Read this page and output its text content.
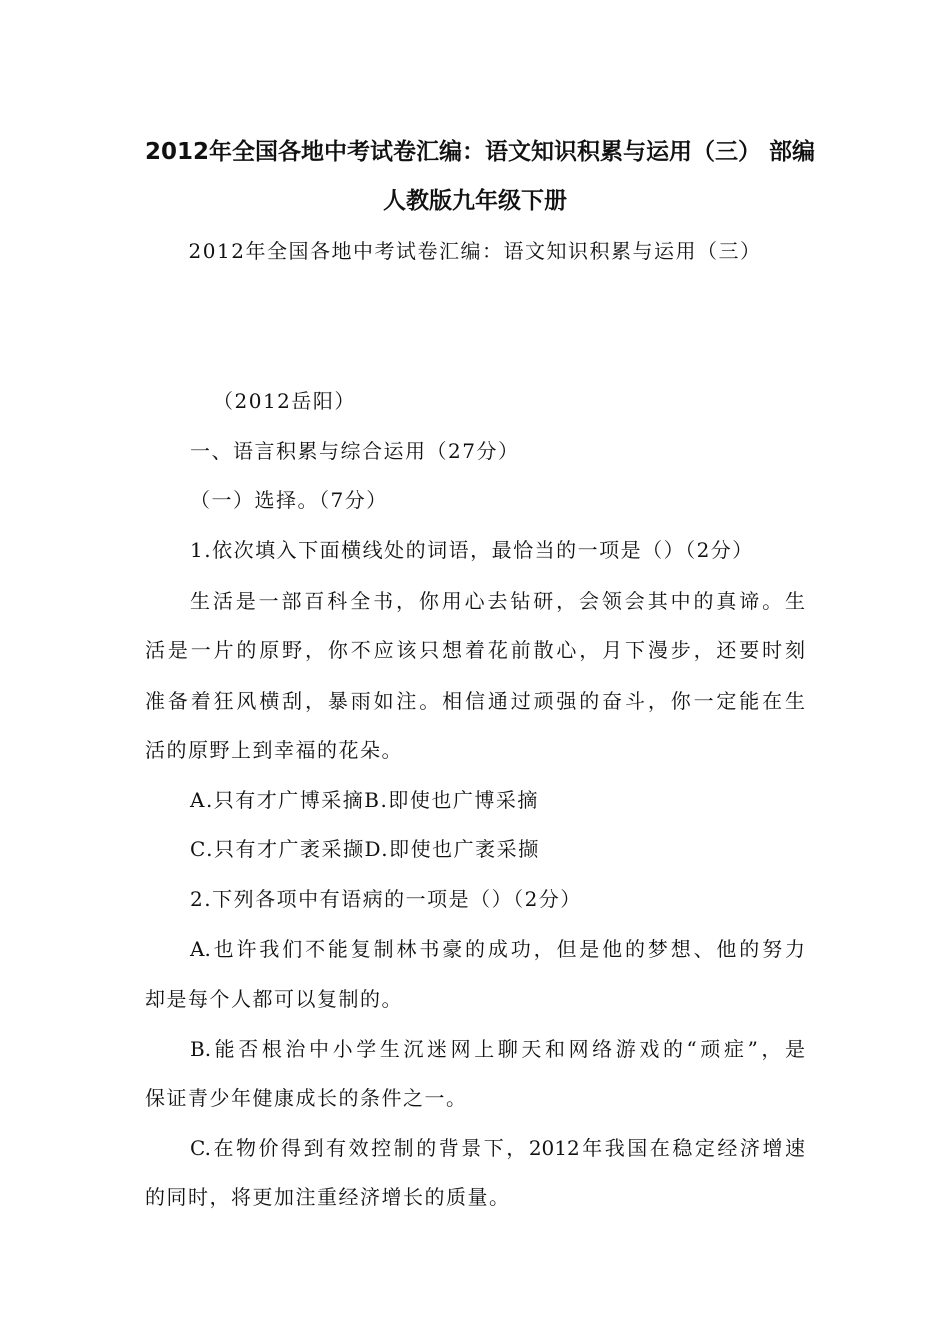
2012年全国各地中考试卷汇编：语文知识积累与运用（三） 部编
人教版九年级下册
2012年全国各地中考试卷汇编：语文知识积累与运用（三）
（2012岳阳）
一、语言积累与综合运用（27分）
（一）选择。（7分）
1.依次填入下面横线处的词语，最恰当的一项是（）（2分）
生活是一部百科全书，你用心去钻研，会领会其中的真谛。生
活是一片的原野，你不应该只想着花前散心，月下漫步，还要时刻
准备着狂风横刮，暴雨如注。相信通过顽强的奋斗，你一定能在生
活的原野上到幸福的花朵。
A.只有才广博采摘B.即使也广博采摘
C.只有才广袤采撷D.即使也广袤采撷
2.下列各项中有语病的一项是（）（2分）
A.也许我们不能复制林书豪的成功，但是他的梦想、他的努力
却是每个人都可以复制的。
B.能否根治中小学生沉迷网上聊天和网络游戏的“顽症”，是
保证青少年健康成长的条件之一。
C.在物价得到有效控制的背景下，2012年我国在稳定经济增速
的同时，将更加注重经济增长的质量。
